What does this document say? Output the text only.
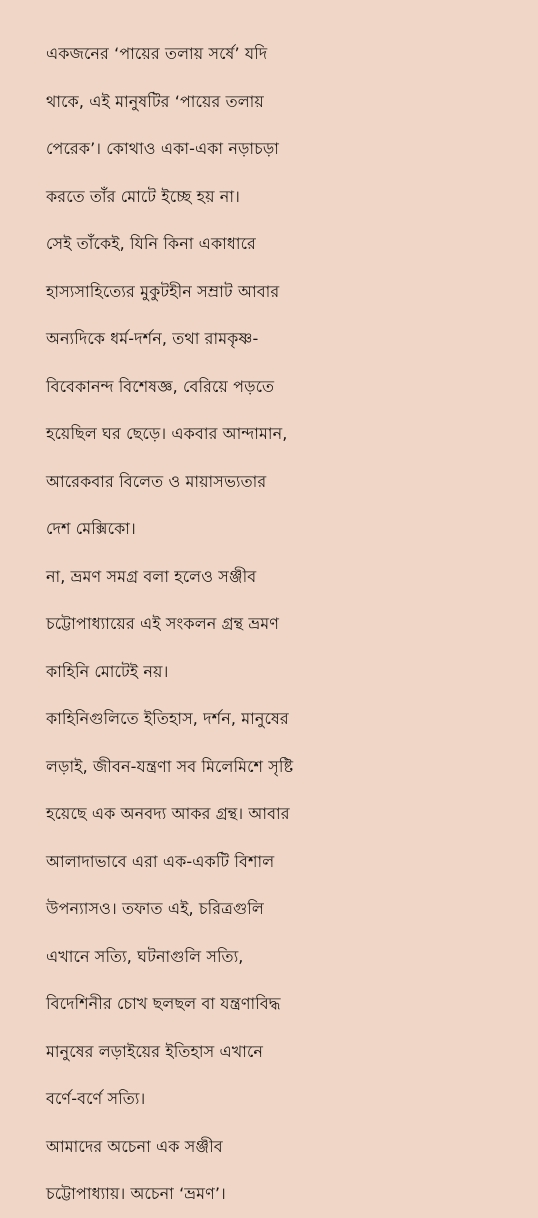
একজনের ‘পায়ের তলায় সর্ষে’ যদি
থাকে, এই মানুষটির ‘পায়ের তলায়
পেরেক’। কোথাও একা-একা নড়াচড়া
করতে তাঁর মোটে ইচ্ছে হয় না।
সেই তাঁকেই, যিনি কিনা একাধারে
হাস্যসাহিত্যের মুকুটহীন সম্রাট আবার
অন্যদিকে ধর্ম-দর্শন, তথা রামকৃষ্ণ-
বিবেকানন্দ বিশেষজ্ঞ, বেরিয়ে পড়তে
হয়েছিল ঘর ছেড়ে। একবার আন্দামান,
আরেকবার বিলেত ও মায়াসভ্যতার
দেশ মেক্সিকো।
না, ভ্রমণ সমগ্র বলা হলেও সঞ্জীব
চট্টোপাধ্যায়ের এই সংকলন গ্রন্থ ভ্রমণ
কাহিনি মোটেই নয়।
কাহিনিগুলিতে ইতিহাস, দর্শন, মানুষের
লড়াই, জীবন-যন্ত্রণা সব মিলেমিশে সৃষ্টি
হয়েছে এক অনবদ্য আকর গ্রন্থ। আবার
আলাদাভাবে এরা এক-একটি বিশাল
উপন্যাসও। তফাত এই, চরিত্রগুলি
এখানে সত্যি, ঘটনাগুলি সত্যি,
বিদেশিনীর চোখ ছলছল বা যন্ত্রণাবিদ্ধ
মানুষের লড়াইয়ের ইতিহাস এখানে
বর্ণে-বর্ণে সত্যি।
আমাদের অচেনা এক সঞ্জীব
চট্টোপাধ্যায়। অচেনা ‘ভ্রমণ’।
